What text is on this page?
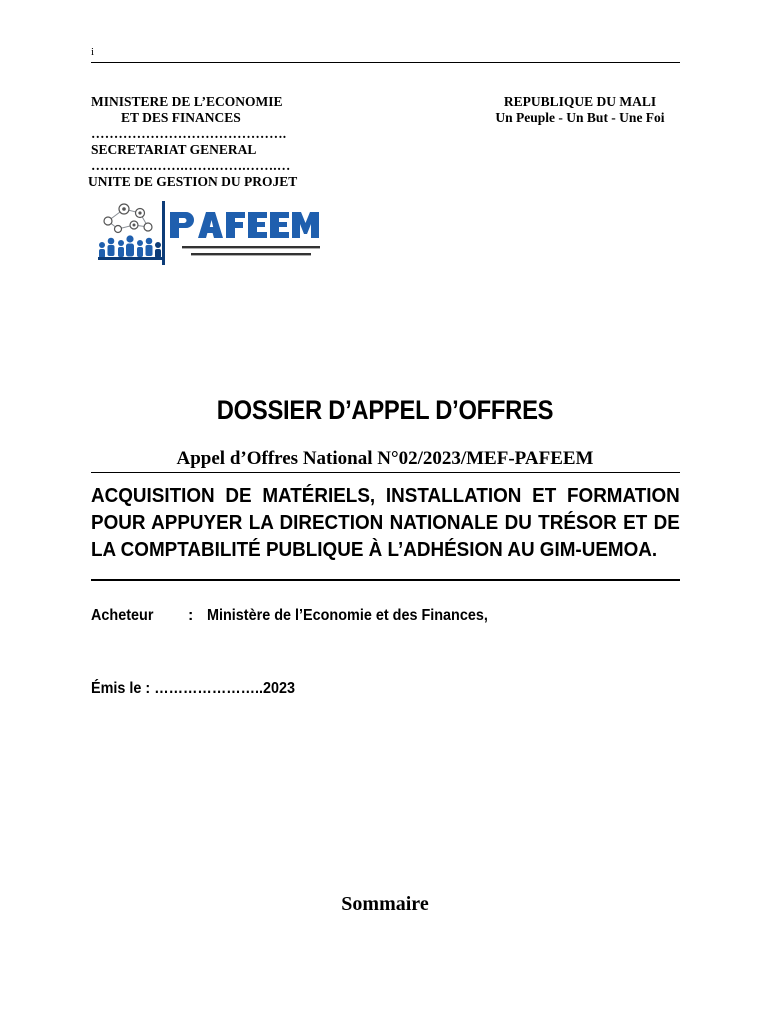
i
MINISTERE DE L’ECONOMIE
ET DES FINANCES
…………………………………….
SECRETARIAT GENERAL
…….…….…….…….…….…….…
UNITE DE GESTION DU PROJET
REPUBLIQUE DU MALI
Un Peuple - Un But - Une Foi
DOSSIER D’APPEL D’OFFRES
Appel d’Offres National N°02/2023/MEF-PAFEEM
ACQUISITION DE MATÉRIELS, INSTALLATION ET FORMATION POUR APPUYER LA DIRECTION NATIONALE DU TRÉSOR ET DE LA COMPTABILITÉ PUBLIQUE À L’ADHÉSION AU GIM-UEMOA.
Acheteur : Ministère de l’Economie et des Finances,
Émis le : …………………..2023
Sommaire
